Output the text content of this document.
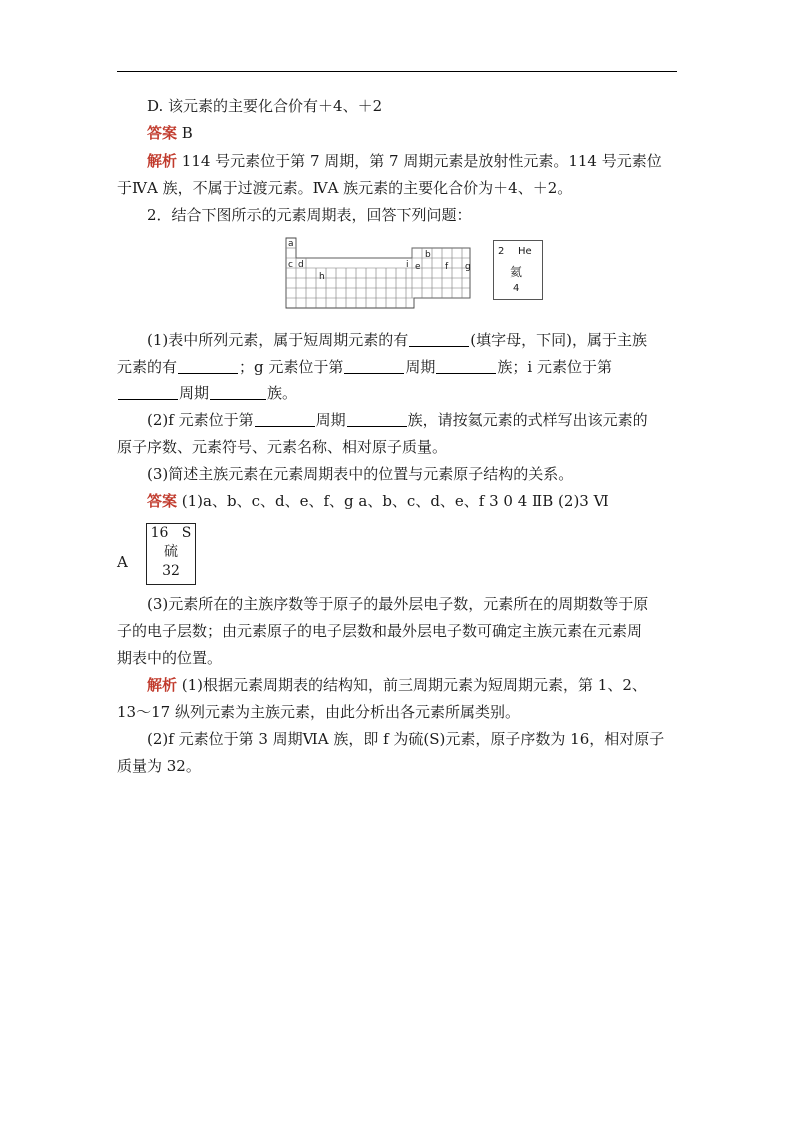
D. 该元素的主要化合价有＋4、＋2
答案 B
解析 114 号元素位于第 7 周期，第 7 周期元素是放射性元素。114 号元素位
于ⅣA 族，不属于过渡元素。ⅣA 族元素的主要化合价为＋4、＋2。
2．结合下图所示的元素周期表，回答下列问题：
a
c d
h
b
i e	f g
2 He
氦
4
(1)表中所列元素，属于短周期元素的有	(填字母，下同)，属于主族
元素的有	；g 元素位于第	周期	族；i 元素位于第
周期	族。
(2)f 元素位于第	周期	族，请按氦元素的式样写出该元素的
原子序数、元素符号、元素名称、相对原子质量。
(3)简述主族元素在元素周期表中的位置与元素原子结构的关系。
答案 (1)a、b、c、d、e、f、g a、b、c、d、e、f 3 0 4 ⅡB (2)3 Ⅵ
A
16 S
硫
32
(3)元素所在的主族序数等于原子的最外层电子数，元素所在的周期数等于原
子的电子层数；由元素原子的电子层数和最外层电子数可确定主族元素在元素周
期表中的位置。
解析 (1)根据元素周期表的结构知，前三周期元素为短周期元素，第 1、2、
13～17 纵列元素为主族元素，由此分析出各元素所属类别。
(2)f 元素位于第 3 周期ⅥA 族，即 f 为硫(S)元素，原子序数为 16，相对原子
质量为 32。
